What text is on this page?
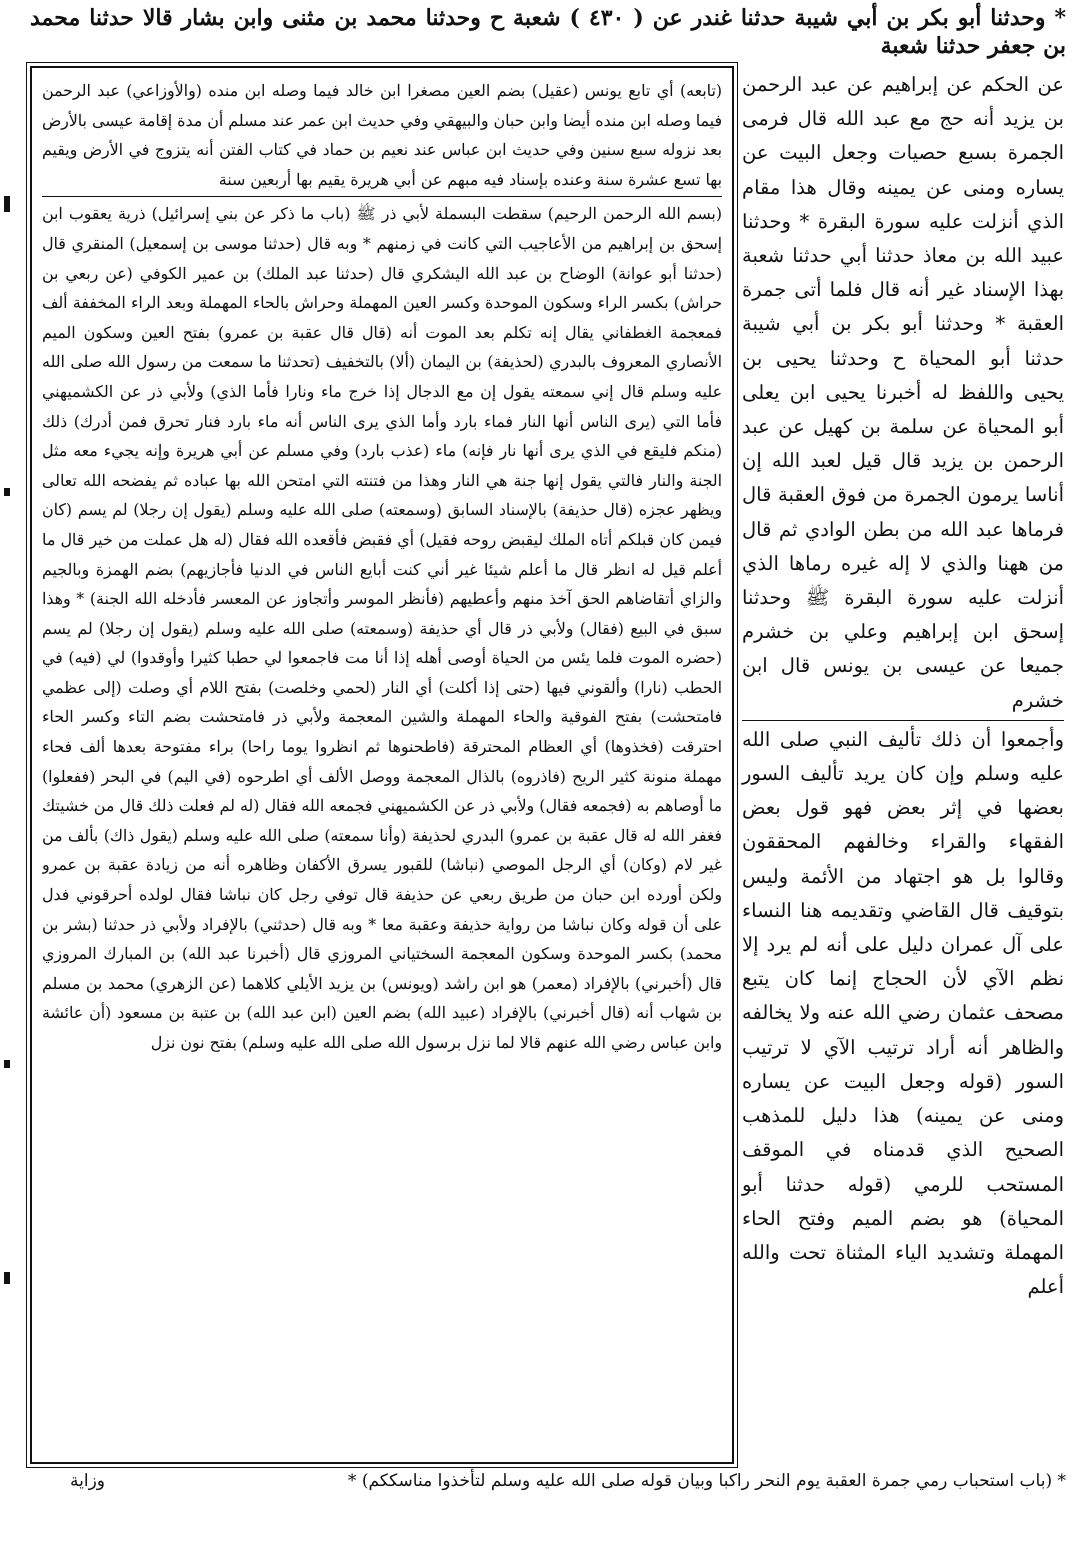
* وحدثنا أبو بكر بن أبي شيبة حدثنا غندر عن ( ٤٣٠ ) شعبة ح وحدثنا محمد بن مثنى وابن بشار قالا حدثنا محمد بن جعفر حدثنا شعبة

(تابعه) أي تابع يونس (عقيل) بضم العين مصغرا ابن خالد فيما وصله ابن منده (والأوزاعي) عبد الرحمن فيما وصله ابن منده أيضا وابن حبان والبيهقي وفي حديث ابن عمر عند مسلم أن مدة إقامة عيسى بالأرض بعد نزوله سبع سنين وفي حديث ابن عباس عند نعيم بن حماد في كتاب الفتن أنه يتزوج في الأرض ويقيم بها تسع عشرة سنة وعنده بإسناد فيه مبهم عن أبي هريرة يقيم بها أربعين سنة

(بسم الله الرحمن الرحيم) سقطت البسملة لأبي ذر ﷺ (باب ما ذكر عن بني إسرائيل) ذرية يعقوب ابن إسحق بن إبراهيم من الأعاجيب التي كانت في زمنهم * وبه قال (حدثنا موسى بن إسمعيل) المنقري قال (حدثنا أبو عوانة) الوضاح بن عبد الله اليشكري قال (حدثنا عبد الملك) بن عمير الكوفي (عن ربعي بن حراش) بكسر الراء وسكون الموحدة وكسر العين المهملة وحراش بالحاء المهملة وبعد الراء المخففة ألف فمعجمة الغطفاني يقال إنه تكلم بعد الموت أنه (قال قال عقبة بن عمرو) بفتح العين وسكون الميم الأنصاري المعروف بالبدري (لحذيفة) بن اليمان (ألا) بالتخفيف (تحدثنا ما سمعت من رسول الله صلى الله عليه وسلم قال إني سمعته يقول إن مع الدجال إذا خرج ماء ونارا فأما الذي) ولأبي ذر عن الكشميهني فأما التي (يرى الناس أنها النار فماء بارد وأما الذي يرى الناس أنه ماء بارد فنار تحرق فمن أدرك) ذلك (منكم فليقع في الذي يرى أنها نار فإنه) ماء (عذب بارد) وفي مسلم عن أبي هريرة وإنه يجيء معه مثل الجنة والنار فالتي يقول إنها جنة هي النار وهذا من فتنته التي امتحن الله بها عباده ثم يفضحه الله تعالى ويظهر عجزه (قال حذيفة) بالإسناد السابق (وسمعته) صلى الله عليه وسلم (يقول إن رجلا) لم يسم (كان فيمن كان قبلكم أتاه الملك ليقبض روحه فقيل) أي فقبض فأقعده الله فقال (له هل عملت من خير قال ما أعلم قيل له انظر قال ما أعلم شيئا غير أني كنت أبايع الناس في الدنيا فأجازيهم) بضم الهمزة وبالجيم والزاي أتقاضاهم الحق آخذ منهم وأعطيهم (فأنظر الموسر وأتجاوز عن المعسر فأدخله الله الجنة) * وهذا سبق في البيع (فقال) ولأبي ذر قال أي حذيفة (وسمعته) صلى الله عليه وسلم (يقول إن رجلا) لم يسم (حضره الموت فلما يئس من الحياة أوصى أهله إذا أنا مت فاجمعوا لي حطبا كثيرا وأوقدوا) لي (فيه) في الحطب (نارا) وألقوني فيها (حتى إذا أكلت) أي النار (لحمي وخلصت) بفتح اللام أي وصلت (إلى عظمي فامتحشت) بفتح الفوقية والحاء المهملة والشين المعجمة ولأبي ذر فامتحشت بضم التاء وكسر الحاء احترقت (فخذوها) أي العظام المحترقة (فاطحنوها ثم انظروا يوما راحا) براء مفتوحة بعدها ألف فحاء مهملة منونة كثير الريح (فاذروه) بالذال المعجمة ووصل الألف أي اطرحوه (في اليم) في البحر (ففعلوا) ما أوصاهم به (فجمعه فقال) ولأبي ذر عن الكشميهني فجمعه الله فقال (له لم فعلت ذلك قال من خشيتك فغفر الله له قال عقبة بن عمرو) البدري لحذيفة (وأنا سمعته) صلى الله عليه وسلم (يقول ذاك) بألف من غير لام (وكان) أي الرجل الموصي (نباشا) للقبور يسرق الأكفان وظاهره أنه من زيادة عقبة بن عمرو ولكن أورده ابن حبان من طريق ربعي عن حذيفة قال توفي رجل كان نباشا فقال لولده أحرقوني فدل على أن قوله وكان نباشا من رواية حذيفة وعقبة معا * وبه قال (حدثني) بالإفراد ولأبي ذر حدثنا (بشر بن محمد) بكسر الموحدة وسكون المعجمة السختياني المروزي قال (أخبرنا عبد الله) بن المبارك المروزي قال (أخبرني) بالإفراد (معمر) هو ابن راشد (ويونس) بن يزيد الأيلي كلاهما (عن الزهري) محمد بن مسلم بن شهاب أنه (قال أخبرني) بالإفراد (عبيد الله) بضم العين (ابن عبد الله) بن عتبة بن مسعود (أن عائشة وابن عباس رضي الله عنهم قالا لما نزل برسول الله صلى الله عليه وسلم) بفتح نون نزل

عن الحكم عن إبراهيم عن عبد الرحمن بن يزيد أنه حج مع عبد الله قال فرمى الجمرة بسبع حصيات وجعل البيت عن يساره ومنى عن يمينه وقال هذا مقام الذي أنزلت عليه سورة البقرة * وحدثنا عبيد الله بن معاذ حدثنا أبي حدثنا شعبة بهذا الإسناد غير أنه قال فلما أتى جمرة العقبة * وحدثنا أبو بكر بن أبي شيبة حدثنا أبو المحياة ح وحدثنا يحيى بن يحيى واللفظ له أخبرنا يحيى ابن يعلى أبو المحياة عن سلمة بن كهيل عن عبد الرحمن بن يزيد قال قيل لعبد الله إن أناسا يرمون الجمرة من فوق العقبة قال فرماها عبد الله من بطن الوادي ثم قال من ههنا والذي لا إله غيره رماها الذي أنزلت عليه سورة البقرة ﷺ وحدثنا إسحق ابن إبراهيم وعلي بن خشرم جميعا عن عيسى بن يونس قال ابن خشرم

وأجمعوا أن ذلك تأليف النبي صلى الله عليه وسلم وإن كان يريد تأليف السور بعضها في إثر بعض فهو قول بعض الفقهاء والقراء وخالفهم المحققون وقالوا بل هو اجتهاد من الأئمة وليس بتوقيف قال القاضي وتقديمه هنا النساء على آل عمران دليل على أنه لم يرد إلا نظم الآي لأن الحجاج إنما كان يتبع مصحف عثمان رضي الله عنه ولا يخالفه والظاهر أنه أراد ترتيب الآي لا ترتيب السور (قوله وجعل البيت عن يساره ومنى عن يمينه) هذا دليل للمذهب الصحيح الذي قدمناه في الموقف المستحب للرمي (قوله حدثنا أبو المحياة) هو بضم الميم وفتح الحاء المهملة وتشديد الياء المثناة تحت والله أعلم

* (باب استحباب رمي جمرة العقبة يوم النحر راكبا وبيان قوله صلى الله عليه وسلم لتأخذوا مناسككم) *
وزاية
